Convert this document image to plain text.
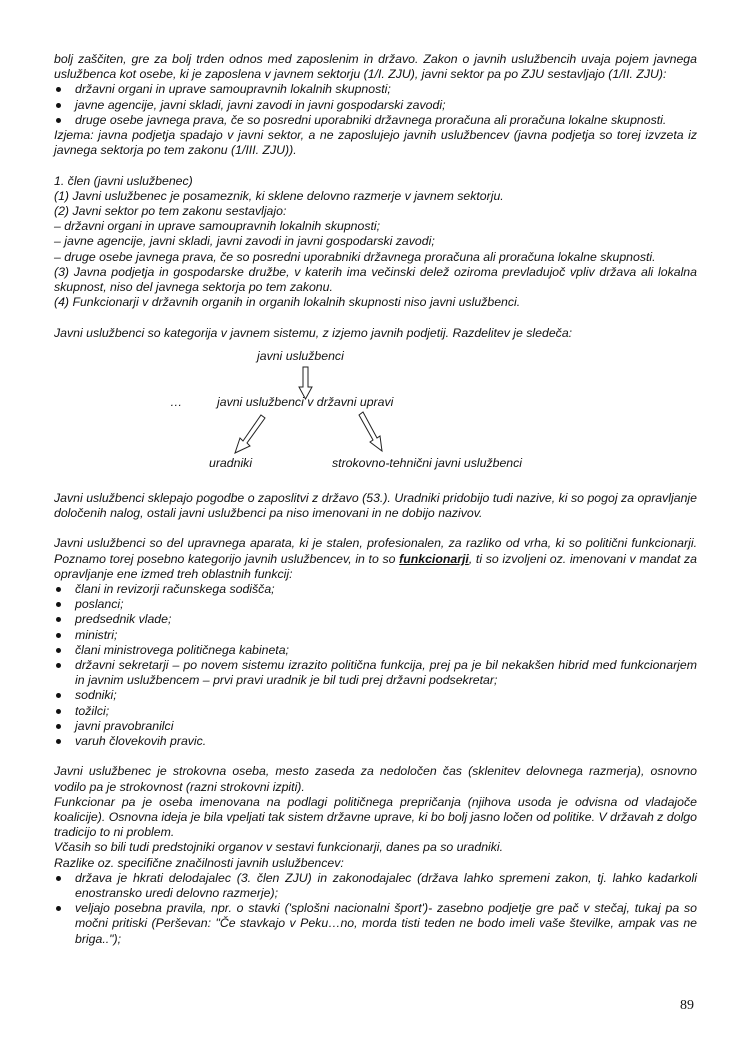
bolj zaščiten, gre za bolj trden odnos med zaposlenim in državo. Zakon o javnih uslužbencih uvaja pojem javnega uslužbenca kot osebe, ki je zaposlena v javnem sektorju (1/I. ZJU), javni sektor pa po ZJU sestavljajo (1/II. ZJU):

državni organi in uprave samoupravnih lokalnih skupnosti;
javne agencije, javni skladi, javni zavodi in javni gospodarski zavodi;
druge osebe javnega prava, če so posredni uporabniki državnega proračuna ali proračuna lokalne skupnosti.

Izjema: javna podjetja spadajo v javni sektor, a ne zaposlujejo javnih uslužbencev (javna podjetja so torej izvzeta iz javnega sektorja po tem zakonu (1/III. ZJU)).

1. člen (javni uslužbenec)

(1) Javni uslužbenec je posameznik, ki sklene delovno razmerje v javnem sektorju.

(2) Javni sektor po tem zakonu sestavljajo:

– državni organi in uprave samoupravnih lokalnih skupnosti;

– javne agencije, javni skladi, javni zavodi in javni gospodarski zavodi;

– druge osebe javnega prava, če so posredni uporabniki državnega proračuna ali proračuna lokalne skupnosti.

(3) Javna podjetja in gospodarske družbe, v katerih ima večinski delež oziroma prevladujoč vpliv država ali lokalna skupnost, niso del javnega sektorja po tem zakonu.

(4) Funkcionarji v državnih organih in organih lokalnih skupnosti niso javni uslužbenci.

Javni uslužbenci so kategorija v javnem sistemu, z izjemo javnih podjetij. Razdelitev je sledeča:

javni uslužbenci
…	javni uslužbenci v državni upravi
uradniki	strokovno-tehnični javni uslužbenci

Javni uslužbenci sklepajo pogodbe o zaposlitvi z državo (53.). Uradniki pridobijo tudi nazive, ki so pogoj za opravljanje določenih nalog, ostali javni uslužbenci pa niso imenovani in ne dobijo nazivov.

Javni uslužbenci so del upravnega aparata, ki je stalen, profesionalen, za razliko od vrha, ki so politični funkcionarji. Poznamo torej posebno kategorijo javnih uslužbencev, in to so funkcionarji, ti so izvoljeni oz. imenovani v mandat za opravljanje ene izmed treh oblastnih funkcij:

člani in revizorji računskega sodišča;
poslanci;
predsednik vlade;
ministri;
člani ministrovega političnega kabineta;
državni sekretarji – po novem sistemu izrazito politična funkcija, prej pa je bil nekakšen hibrid med funkcionarjem in javnim uslužbencem – prvi pravi uradnik je bil tudi prej državni podsekretar;
sodniki;
tožilci;
javni pravobranilci
varuh človekovih pravic.

Javni uslužbenec je strokovna oseba, mesto zaseda za nedoločen čas (sklenitev delovnega razmerja), osnovno vodilo pa je strokovnost (razni strokovni izpiti).

Funkcionar pa je oseba imenovana na podlagi političnega prepričanja (njihova usoda je odvisna od vladajoče koalicije). Osnovna ideja je bila vpeljati tak sistem državne uprave, ki bo bolj jasno ločen od politike. V državah z dolgo tradicijo to ni problem.

Včasih so bili tudi predstojniki organov v sestavi funkcionarji, danes pa so uradniki.

Razlike oz. specifične značilnosti javnih uslužbencev:

država je hkrati delodajalec (3. člen ZJU) in zakonodajalec (država lahko spremeni zakon, tj. lahko kadarkoli enostransko uredi delovno razmerje);
veljajo posebna pravila, npr. o stavki ('splošni nacionalni šport')- zasebno podjetje gre pač v stečaj, tukaj pa so močni pritiski (Perševan: "Če stavkajo v Peku…no, morda tisti teden ne bodo imeli vaše številke, ampak vas ne briga..");
89
